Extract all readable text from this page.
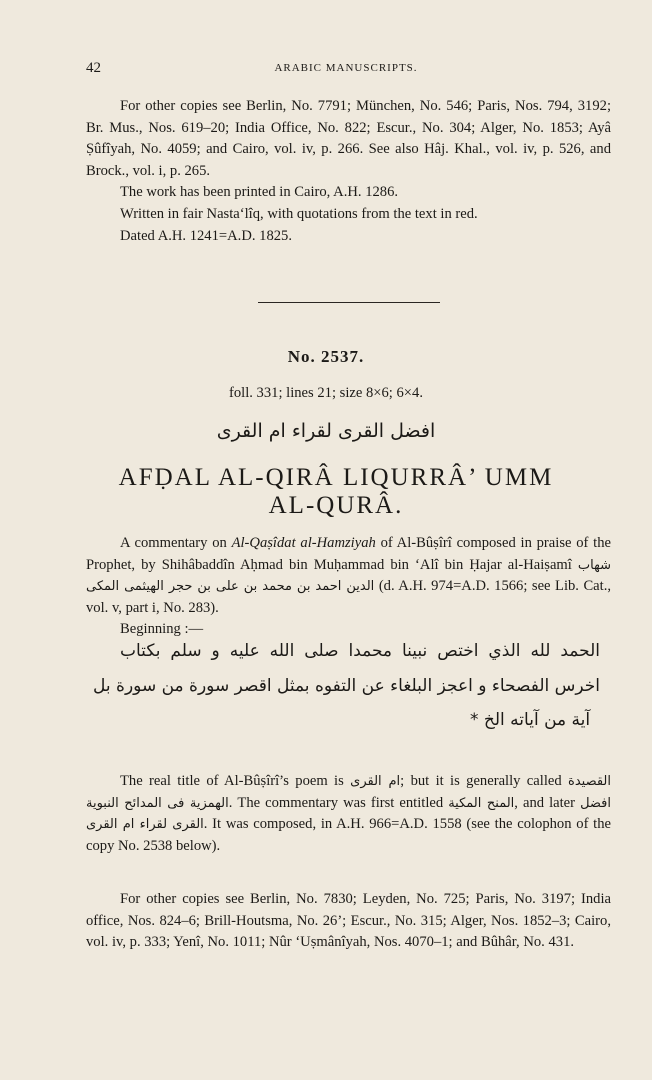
42	ARABIC MANUSCRIPTS.

For other copies see Berlin, No. 7791; München, No. 546; Paris, Nos. 794, 3192; Br. Mus., Nos. 619–20; India Office, No. 822; Escur., No. 304; Alger, No. 1853; Ayâ Ṣûfîyah, No. 4059; and Cairo, vol. iv, p. 266. See also Hâj. Khal., vol. iv, p. 526, and Brock., vol. i, p. 265.

The work has been printed in Cairo, A.H. 1286.

Written in fair Nasta‘lîq, with quotations from the text in red.

Dated A.H. 1241=A.D. 1825.

No. 2537.
foll. 331; lines 21; size 8×6; 6×4.
افضل القرى لقراء ام القرى
AFḌAL AL-QIRÂ LIQURRÂ’ UMM
AL-QURÂ.

A commentary on Al-Qaṣîdat al-Hamziyah of Al-Bûṣîrî composed in praise of the Prophet, by Shihâbaddîn Aḥmad bin Muḥammad bin ‘Alî bin Ḥajar al-Haiṣamî شهاب الدين احمد بن محمد بن على بن حجر الهيثمى المكى (d. A.H. 974=A.D. 1566; see Lib. Cat., vol. v, part i, No. 283).

Beginning :—

الحمد لله الذي اختص نبينا محمدا صلى الله عليه و سلم بكتاب
اخرس الفصحاء و اعجز البلغاء عن التفوه بمثل اقصر سورة من سورة بل
آية من آياته الخ *

The real title of Al-Bûṣîrî’s poem is ام القرى; but it is generally called القصيدة الهمزية فى المدائح النبوية. The commentary was first entitled المنح المكية, and later افضل القرى لقراء ام القرى. It was composed, in A.H. 966=A.D. 1558 (see the colophon of the copy No. 2538 below).

For other copies see Berlin, No. 7830; Leyden, No. 725; Paris, No. 3197; India office, Nos. 824–6; Brill-Houtsma, No. 26’; Escur., No. 315; Alger, Nos. 1852–3; Cairo, vol. iv, p. 333; Yenî, No. 1011; Nûr ‘Uṣmânîyah, Nos. 4070–1; and Bûhâr, No. 431.
